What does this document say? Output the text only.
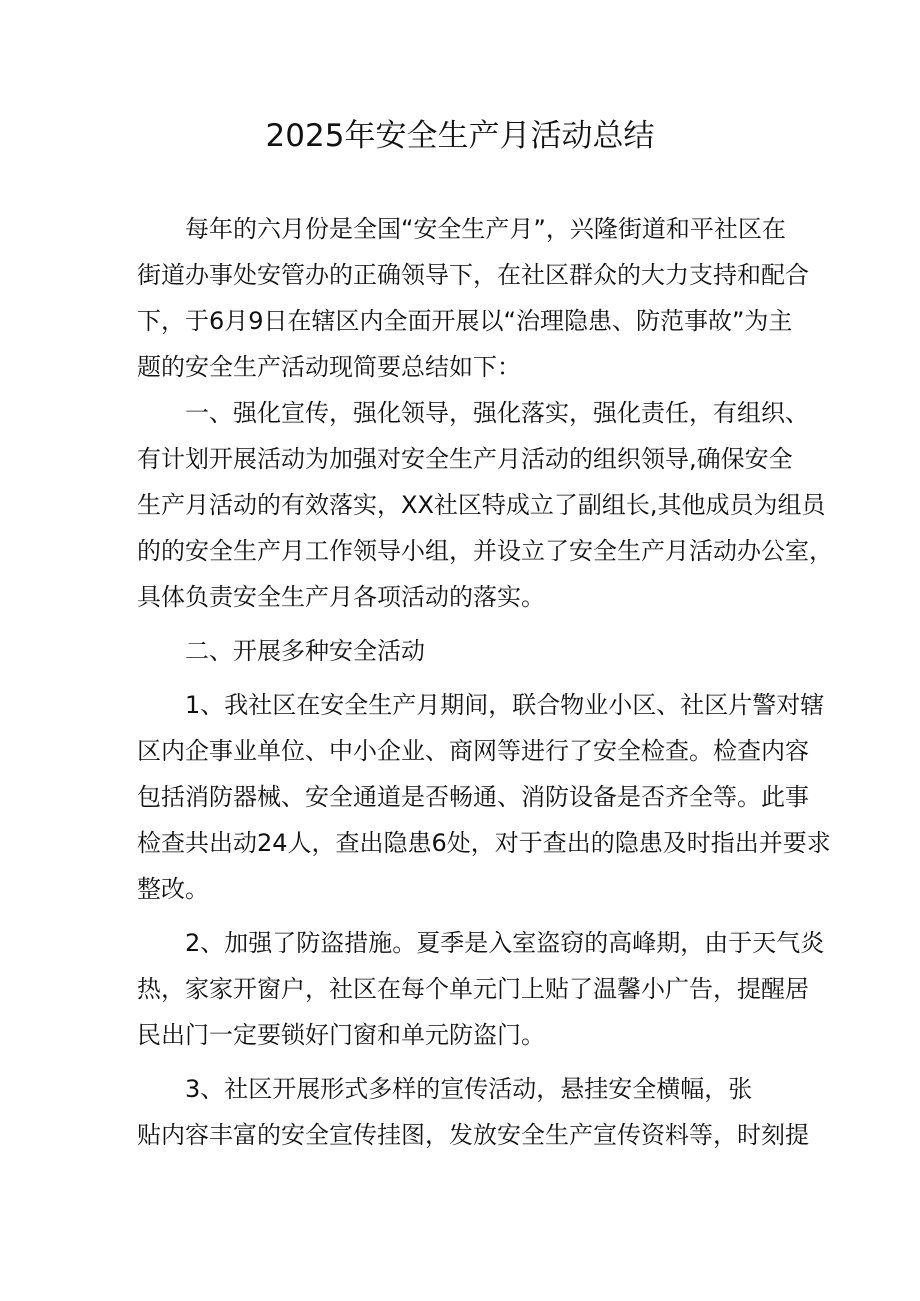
2025年安全生产月活动总结
每年的六月份是全国“安全生产月”，兴隆街道和平社区在
街道办事处安管办的正确领导下，在社区群众的大力支持和配合
下，于6月9日在辖区内全面开展以“治理隐患、防范事故”为主
题的安全生产活动现简要总结如下：
一、强化宣传，强化领导，强化落实，强化责任，有组织、
有计划开展活动为加强对安全生产月活动的组织领导,确保安全
生产月活动的有效落实，XX社区特成立了副组长,其他成员为组员
的的安全生产月工作领导小组，并设立了安全生产月活动办公室，
具体负责安全生产月各项活动的落实。
二、开展多种安全活动
1、我社区在安全生产月期间，联合物业小区、社区片警对辖
区内企事业单位、中小企业、商网等进行了安全检查。检查内容
包括消防器械、安全通道是否畅通、消防设备是否齐全等。此事
检查共出动24人，查出隐患6处，对于查出的隐患及时指出并要求
整改。
2、加强了防盗措施。夏季是入室盗窃的高峰期，由于天气炎
热，家家开窗户，社区在每个单元门上贴了温馨小广告，提醒居
民出门一定要锁好门窗和单元防盗门。
3、社区开展形式多样的宣传活动，悬挂安全横幅，张
贴内容丰富的安全宣传挂图，发放安全生产宣传资料等，时刻提
